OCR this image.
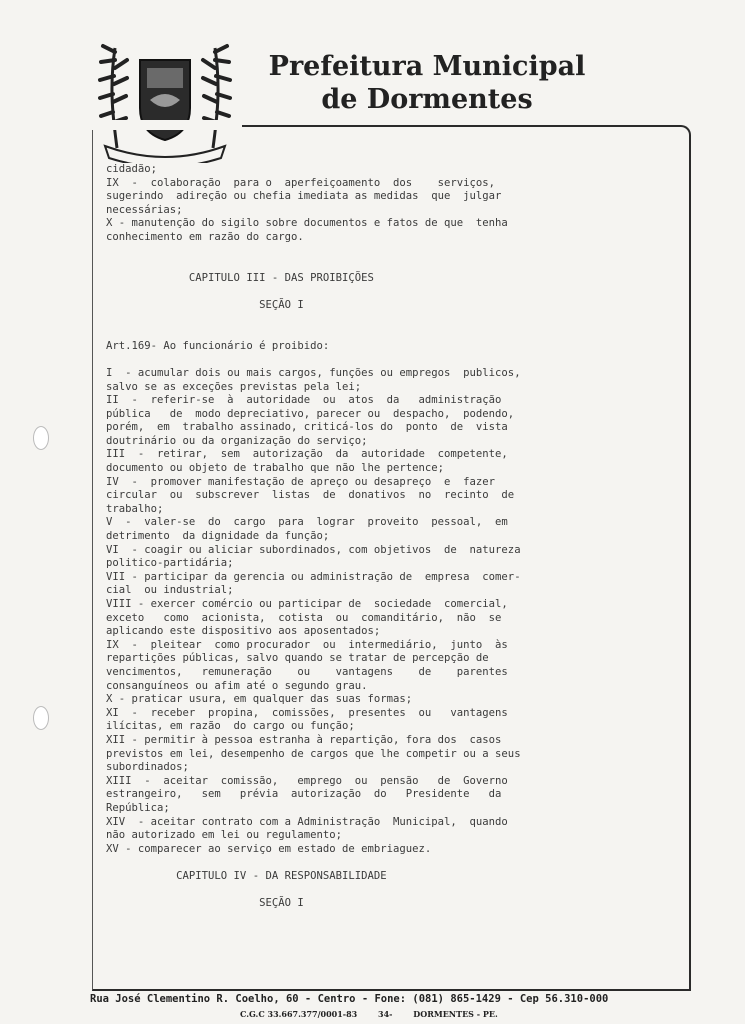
Prefeitura Municipal
de Dormentes
cidadão;
IX  -  colaboração  para o  aperfeiçoamento  dos    serviços,
sugerindo  adireção ou chefia imediata as medidas  que  julgar
necessárias;
X - manutenção do sigilo sobre documentos e fatos de que  tenha
conhecimento em razão do cargo.

CAPITULO III - DAS PROIBIÇÕES

SEÇÃO I

Art.169- Ao funcionário é proibido:

I  - acumular dois ou mais cargos, funções ou empregos  publicos,
salvo se as exceções previstas pela lei;
II  -  referir-se  à  autoridade  ou  atos  da   administração
pública   de  modo depreciativo, parecer ou  despacho,  podendo,
porém,  em  trabalho assinado, criticá-los do  ponto  de  vista
doutrinário ou da organização do serviço;
III  -  retirar,  sem  autorização  da  autoridade  competente,
documento ou objeto de trabalho que não lhe pertence;
IV  -  promover manifestação de apreço ou desapreço  e  fazer
circular  ou  subscrever  listas  de  donativos  no  recinto  de
trabalho;
V  -  valer-se  do  cargo  para  lograr  proveito  pessoal,  em
detrimento  da dignidade da função;
VI  - coagir ou aliciar subordinados, com objetivos  de  natureza
politico-partidária;
VII - participar da gerencia ou administração de  empresa  comer-
cial  ou industrial;
VIII - exercer comércio ou participar de  sociedade  comercial,
exceto   como  acionista,  cotista  ou  comanditário,  não  se
aplicando este dispositivo aos aposentados;
IX  -  pleitear  como procurador  ou  intermediário,  junto  às
repartições públicas, salvo quando se tratar de percepção de
vencimentos,   remuneração    ou    vantagens    de    parentes
consanguíneos ou afim até o segundo grau.
X - praticar usura, em qualquer das suas formas;
XI  -  receber  propina,  comissões,  presentes  ou   vantagens
ilícitas, em razão  do cargo ou função;
XII - permitir à pessoa estranha à repartição, fora dos  casos
previstos em lei, desempenho de cargos que lhe competir ou a seus
subordinados;
XIII  -  aceitar  comissão,   emprego  ou  pensão   de  Governo
estrangeiro,   sem   prévia  autorização  do   Presidente   da
República;
XIV  - aceitar contrato com a Administração  Municipal,  quando
não autorizado em lei ou regulamento;
XV - comparecer ao serviço em estado de embriaguez.

CAPITULO IV - DA RESPONSABILIDADE

SEÇÃO I
Rua José Clementino R. Coelho, 60 - Centro - Fone: (081) 865-1429 - Cep 56.310-000
C.G.C 33.667.377/0001-83	34-	DORMENTES - PE.
